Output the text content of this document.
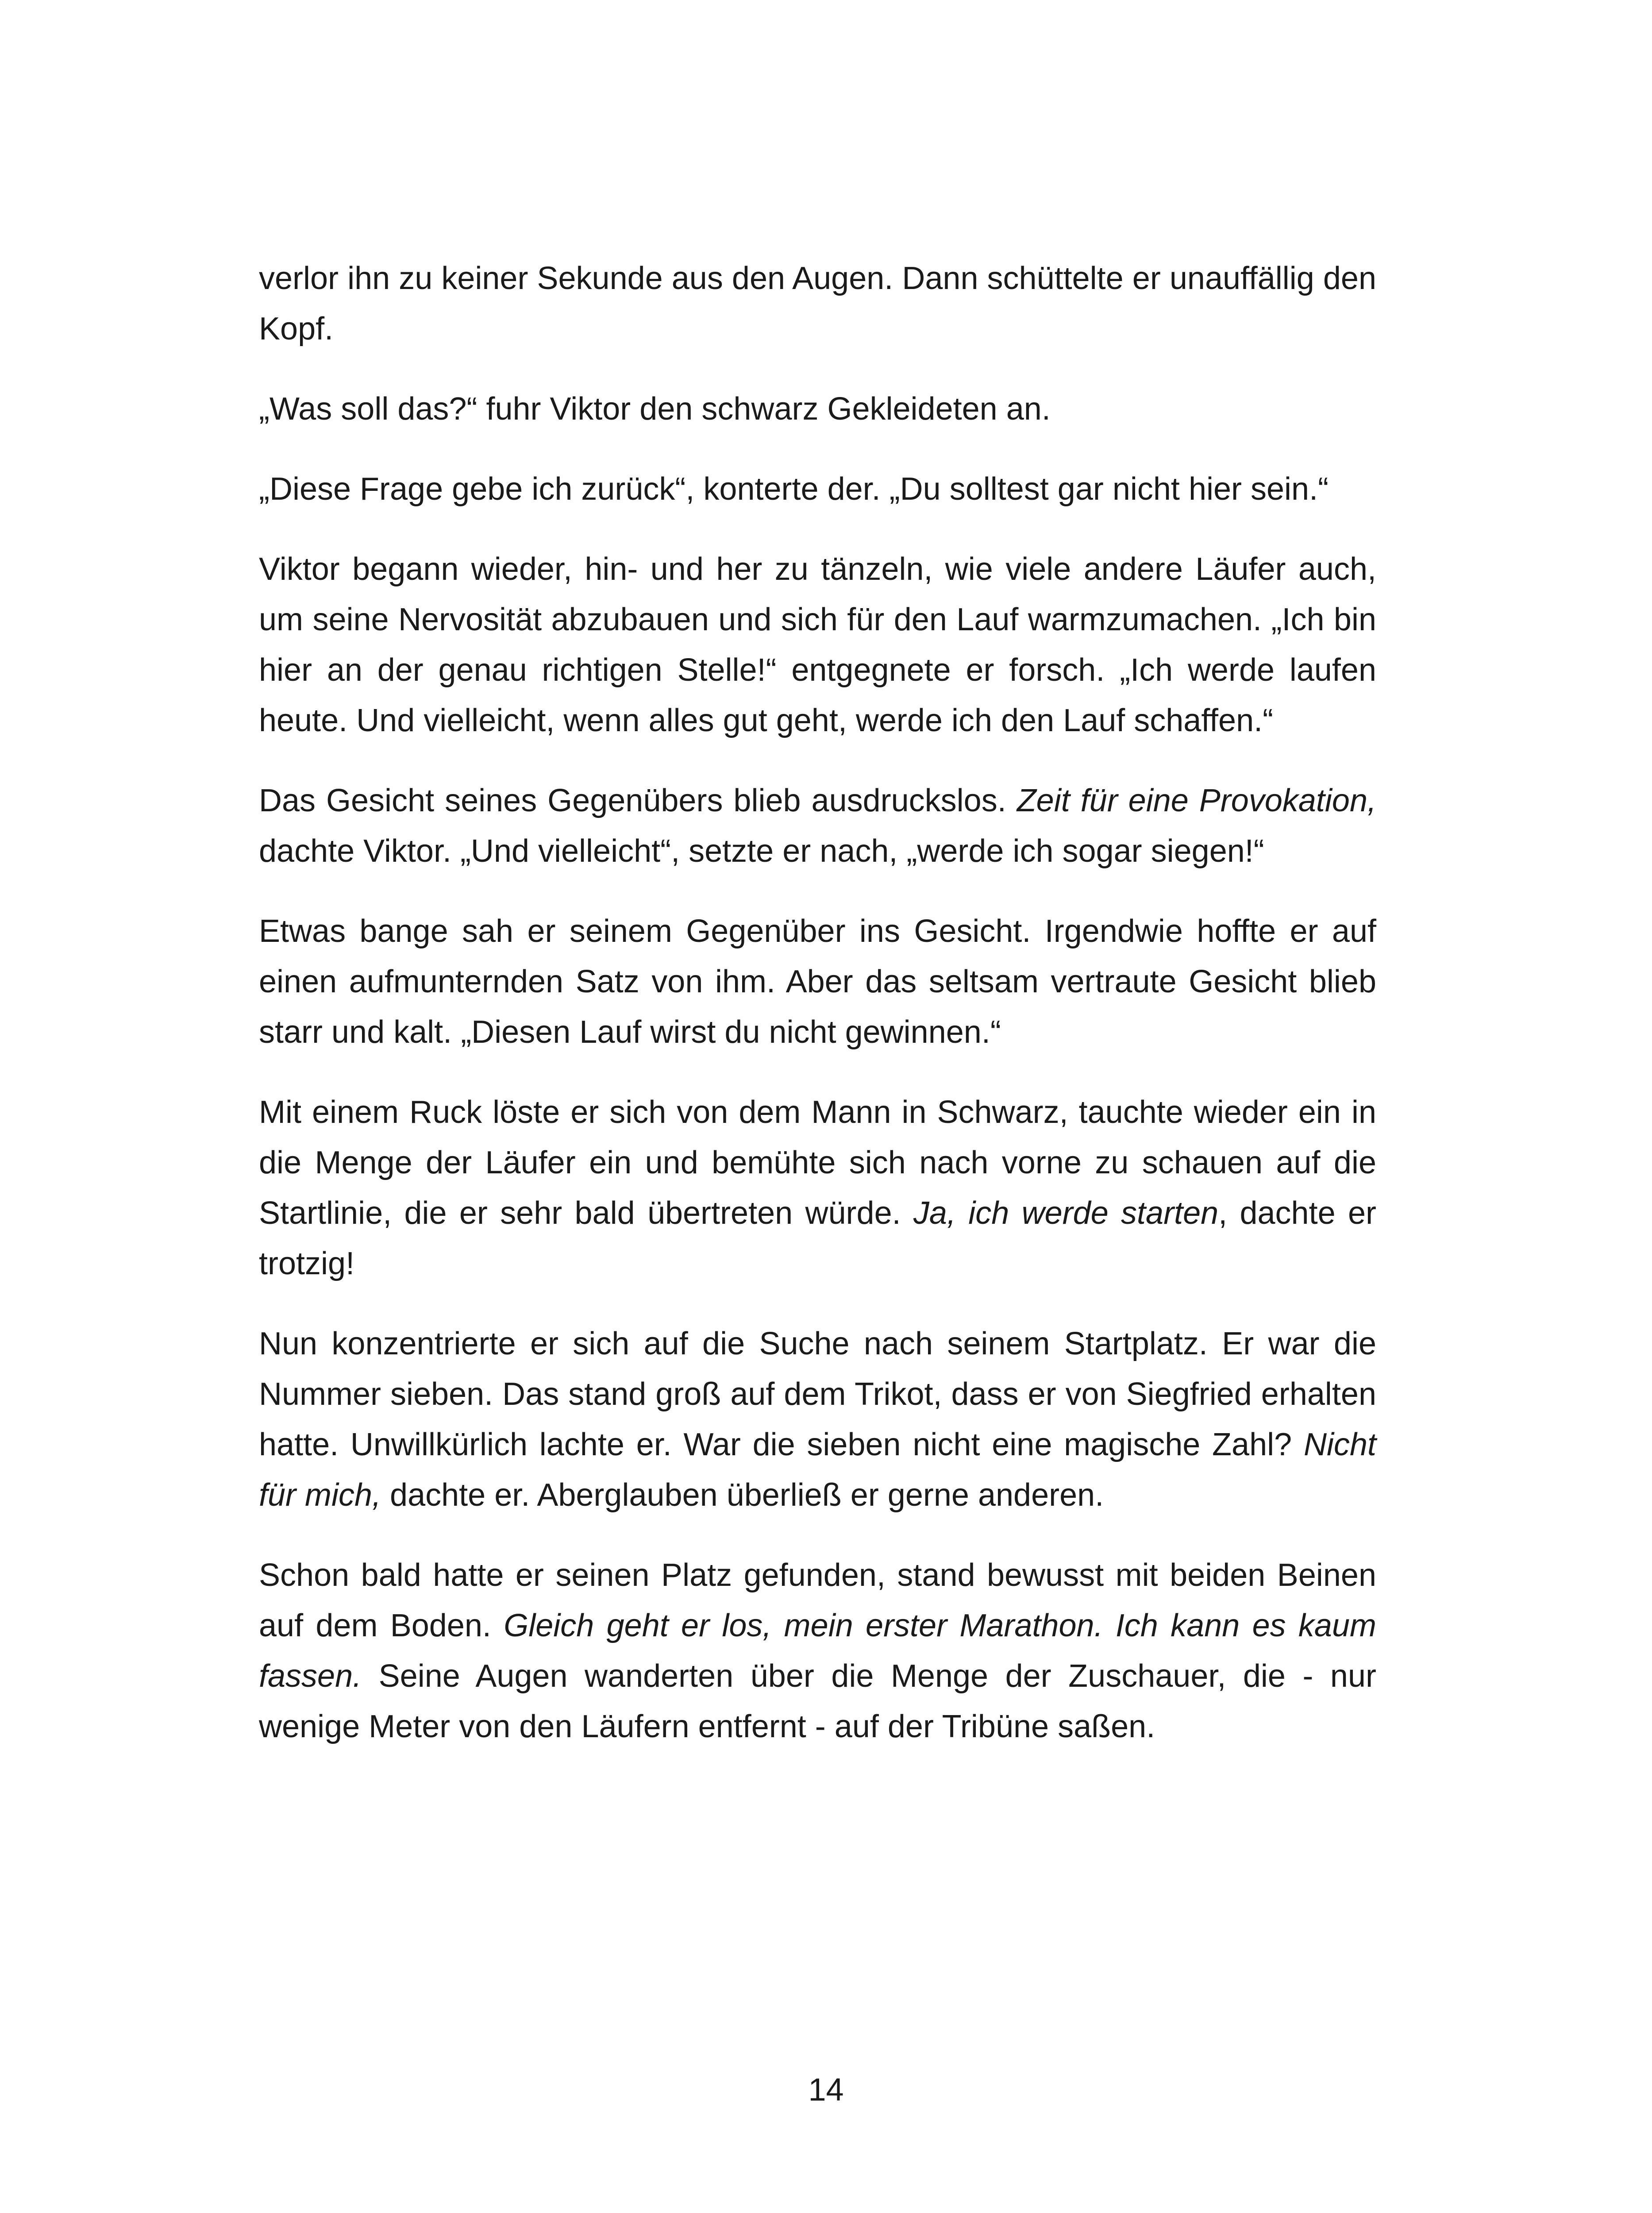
verlor ihn zu keiner Sekunde aus den Augen. Dann schüttelte er unauffällig den Kopf.

„Was soll das?“ fuhr Viktor den schwarz Gekleideten an.

„Diese Frage gebe ich zurück“, konterte der. „Du solltest gar nicht hier sein.“

Viktor begann wieder, hin- und her zu tänzeln, wie viele andere Läufer auch, um seine Nervosität abzubauen und sich für den Lauf warmzumachen. „Ich bin hier an der genau richtigen Stelle!“ entgegnete er forsch. „Ich werde laufen heute. Und vielleicht, wenn alles gut geht, werde ich den Lauf schaffen.“

Das Gesicht seines Gegenübers blieb ausdruckslos. Zeit für eine Provokation, dachte Viktor. „Und vielleicht“, setzte er nach, „werde ich sogar siegen!“

Etwas bange sah er seinem Gegenüber ins Gesicht. Irgendwie hoffte er auf einen aufmunternden Satz von ihm. Aber das seltsam vertraute Gesicht blieb starr und kalt. „Diesen Lauf wirst du nicht gewinnen.“

Mit einem Ruck löste er sich von dem Mann in Schwarz, tauchte wieder ein in die Menge der Läufer ein und bemühte sich nach vorne zu schauen auf die Startlinie, die er sehr bald übertreten würde. Ja, ich werde starten, dachte er trotzig!

Nun konzentrierte er sich auf die Suche nach seinem Startplatz. Er war die Nummer sieben. Das stand groß auf dem Trikot, dass er von Siegfried erhalten hatte. Unwillkürlich lachte er. War die sieben nicht eine magische Zahl? Nicht für mich, dachte er. Aberglauben überließ er gerne anderen.

Schon bald hatte er seinen Platz gefunden, stand bewusst mit beiden Beinen auf dem Boden. Gleich geht er los, mein erster Marathon. Ich kann es kaum fassen. Seine Augen wanderten über die Menge der Zuschauer, die - nur wenige Meter von den Läufern entfernt - auf der Tribüne saßen.

14
